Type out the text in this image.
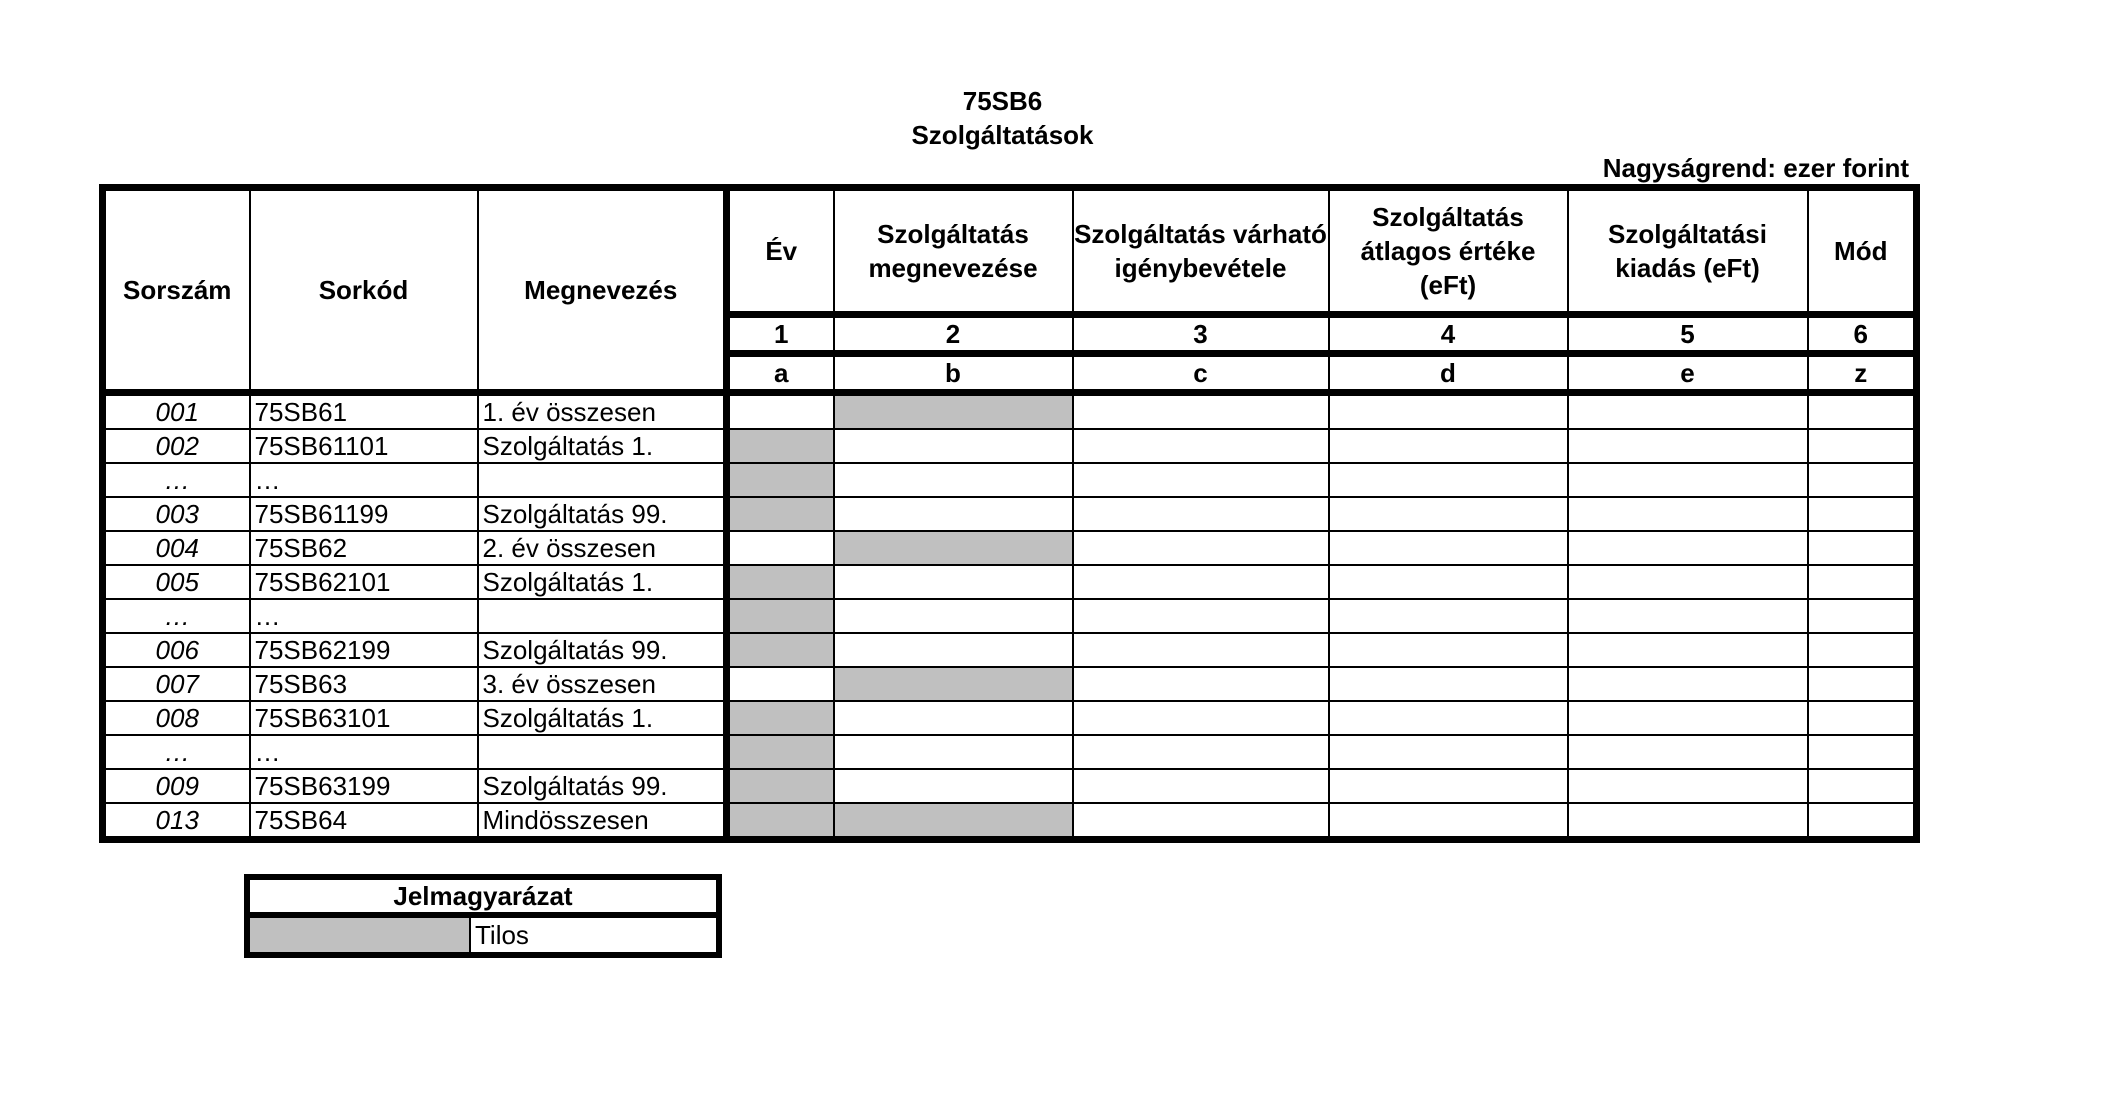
75SB6
Szolgáltatások
Nagyságrend: ezer forint
Sorszám	Sorkód	Megnevezés	Év	Szolgáltatás megnevezése	Szolgáltatás várható igénybevétele	Szolgáltatás átlagos értéke (eFt)	Szolgáltatási kiadás (eFt)	Mód
			1	2	3	4	5	6
			a	b	c	d	e	z
001	75SB61	1. év összesen						
002	75SB61101	Szolgáltatás 1.						
…	…							
003	75SB61199	Szolgáltatás 99.						
004	75SB62	2. év összesen						
005	75SB62101	Szolgáltatás 1.						
…	…							
006	75SB62199	Szolgáltatás 99.						
007	75SB63	3. év összesen						
008	75SB63101	Szolgáltatás 1.						
…	…							
009	75SB63199	Szolgáltatás 99.						
013	75SB64	Mindösszesen						
Jelmagyarázat
	Tilos
